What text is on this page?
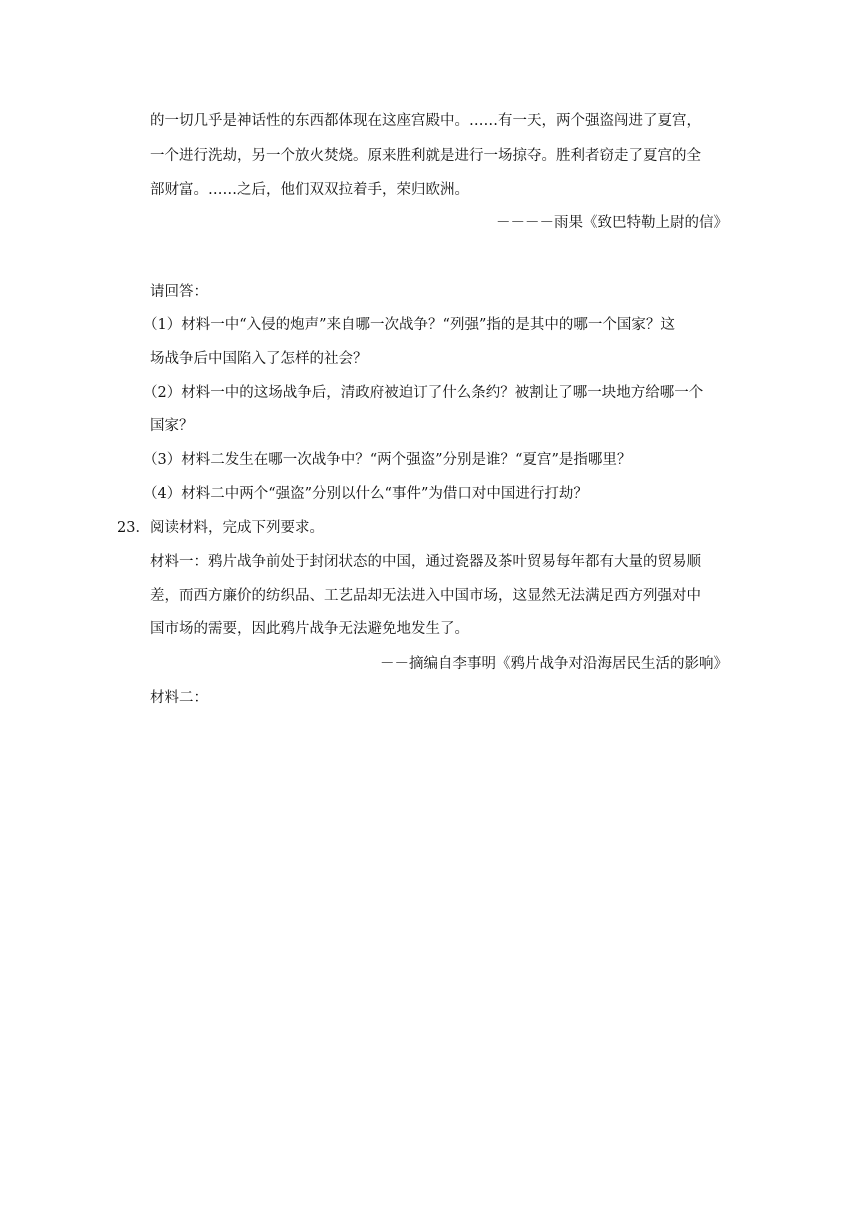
的一切几乎是神话性的东西都体现在这座宫殿中。……有一天，两个强盗闯进了夏宫，
一个进行洗劫，另一个放火焚烧。原来胜利就是进行一场掠夺。胜利者窃走了夏宫的全
部财富。……之后，他们双双拉着手，荣归欧洲。
－－－－雨果《致巴特勒上尉的信》
请回答：
（1）材料一中“入侵的炮声”来自哪一次战争？“列强”指的是其中的哪一个国家？这
场战争后中国陷入了怎样的社会？
（2）材料一中的这场战争后，清政府被迫订了什么条约？被割让了哪一块地方给哪一个
国家？
（3）材料二发生在哪一次战争中？“两个强盗”分别是谁？“夏宫”是指哪里？
（4）材料二中两个“强盗”分别以什么“事件”为借口对中国进行打劫？
23．阅读材料，完成下列要求。
材料一：鸦片战争前处于封闭状态的中国，通过瓷器及茶叶贸易每年都有大量的贸易顺
差，而西方廉价的纺织品、工艺品却无法进入中国市场，这显然无法满足西方列强对中
国市场的需要，因此鸦片战争无法避免地发生了。
－－摘编自李事明《鸦片战争对沿海居民生活的影响》
材料二：
